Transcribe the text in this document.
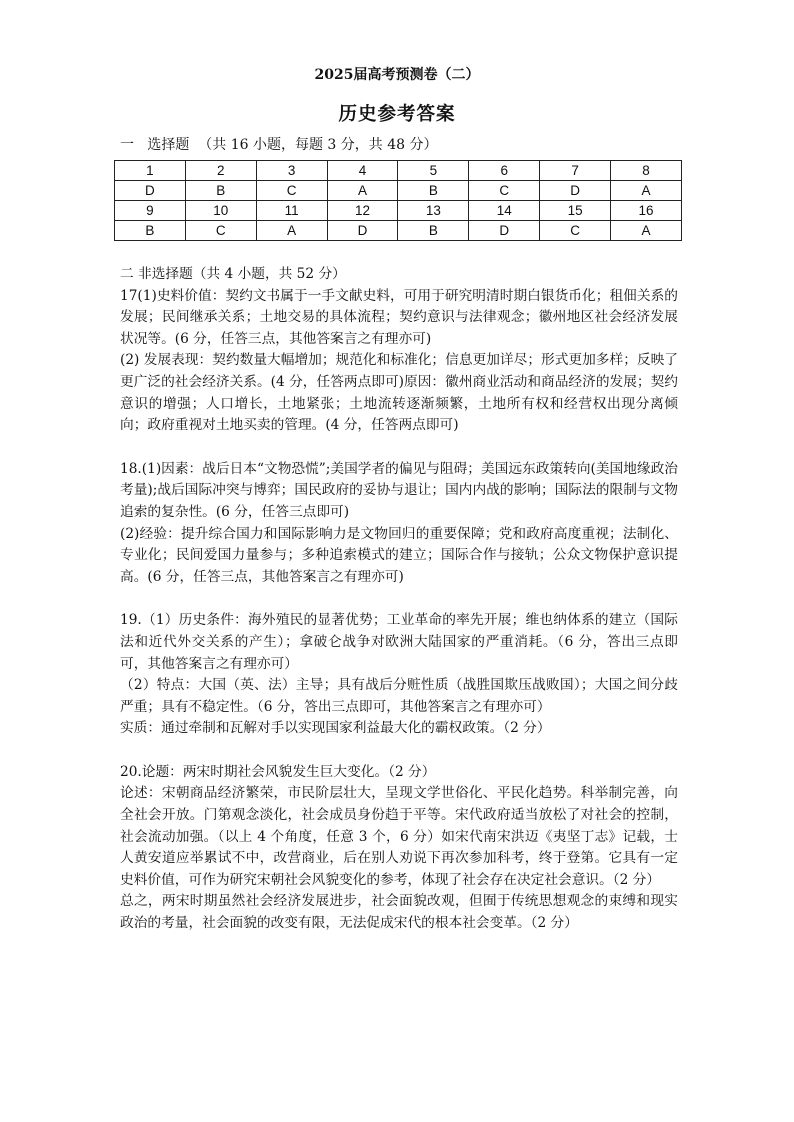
2025届高考预测卷（二）
历史参考答案
一   选择题  （共 16 小题，每题 3 分，共 48 分）
1	2	3	4	5	6	7	8
D	B	C	A	B	C	D	A
9	10	11	12	13	14	15	16
B	C	A	D	B	D	C	A

二 非选择题（共 4 小题，共 52 分）

17(1)史料价值：契约文书属于一手文献史料，可用于研究明清时期白银货币化；租佃关系的发展；民间继承关系；土地交易的具体流程；契约意识与法律观念；徽州地区社会经济发展状况等。(6 分，任答三点，其他答案言之有理亦可)

(2) 发展表现：契约数量大幅增加；规范化和标准化；信息更加详尽；形式更加多样；反映了更广泛的社会经济关系。(4 分，任答两点即可)原因：徽州商业活动和商品经济的发展；契约意识的增强；人口增长，土地紧张；土地流转逐渐频繁，土地所有权和经营权出现分离倾向；政府重视对土地买卖的管理。(4 分，任答两点即可)

18.(1)因素：战后日本“文物恐慌”;美国学者的偏见与阻碍；美国远东政策转向(美国地缘政治考量);战后国际冲突与博弈；国民政府的妥协与退让；国内内战的影响；国际法的限制与文物追索的复杂性。(6 分，任答三点即可)

(2)经验：提升综合国力和国际影响力是文物回归的重要保障；党和政府高度重视；法制化、专业化；民间爱国力量参与；多种追索模式的建立；国际合作与接轨；公众文物保护意识提高。(6 分，任答三点，其他答案言之有理亦可)

19.（1）历史条件：海外殖民的显著优势；工业革命的率先开展；维也纳体系的建立（国际法和近代外交关系的产生）；拿破仑战争对欧洲大陆国家的严重消耗。（6 分，答出三点即可，其他答案言之有理亦可）

（2）特点：大国（英、法）主导；具有战后分赃性质（战胜国欺压战败国）；大国之间分歧严重；具有不稳定性。（6 分，答出三点即可，其他答案言之有理亦可）

实质：通过牵制和瓦解对手以实现国家利益最大化的霸权政策。（2 分）

20.论题：两宋时期社会风貌发生巨大变化。（2 分）

论述：宋朝商品经济繁荣，市民阶层壮大，呈现文学世俗化、平民化趋势。科举制完善，向全社会开放。门第观念淡化，社会成员身份趋于平等。宋代政府适当放松了对社会的控制，社会流动加强。（以上 4 个角度，任意 3 个，6 分）如宋代南宋洪迈《夷坚丁志》记载，士人黄安道应举累试不中，改营商业，后在别人劝说下再次参加科考，终于登第。它具有一定史料价值，可作为研究宋朝社会风貌变化的参考，体现了社会存在决定社会意识。（2 分）

总之，两宋时期虽然社会经济发展进步，社会面貌改观，但囿于传统思想观念的束缚和现实政治的考量，社会面貌的改变有限，无法促成宋代的根本社会变革。（2 分）
